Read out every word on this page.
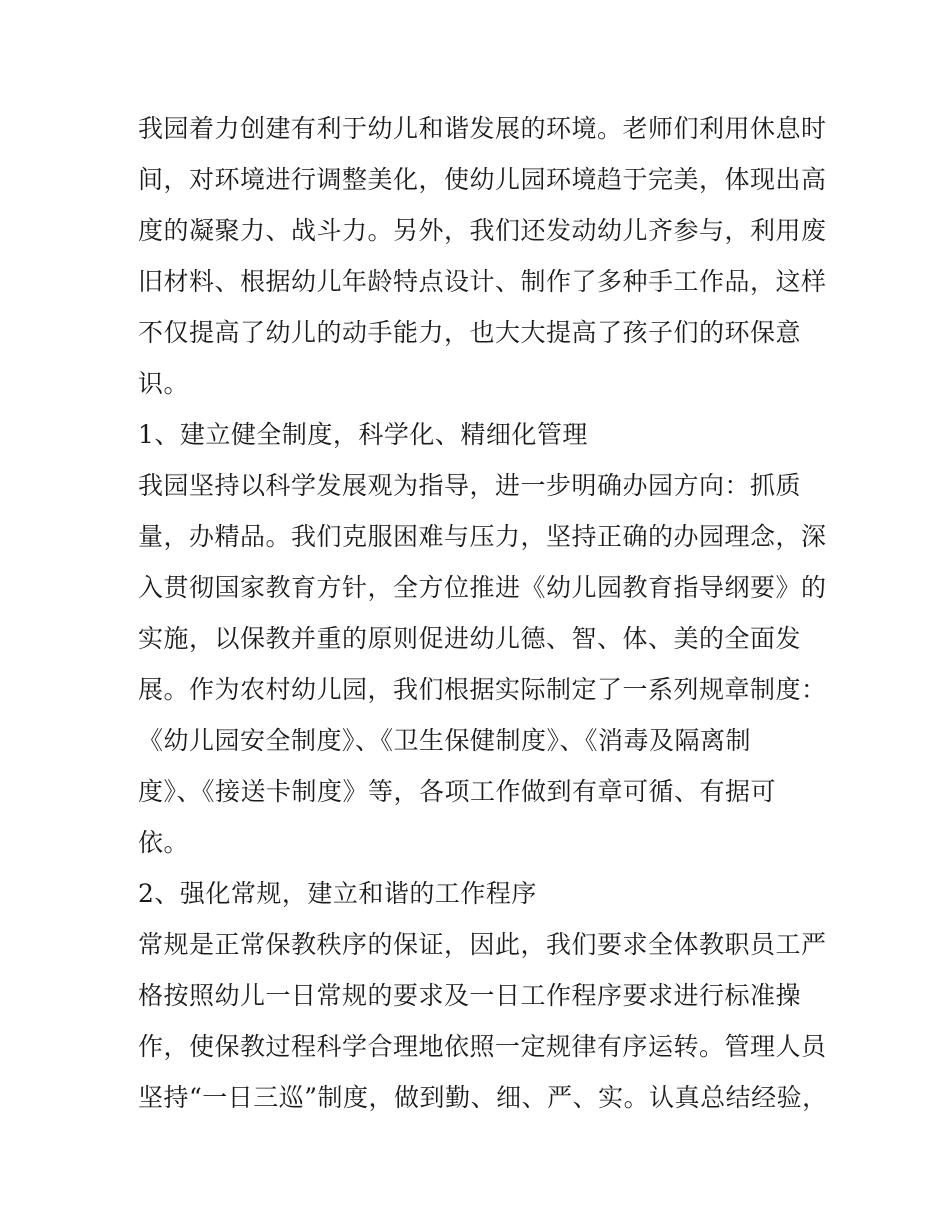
我园着力创建有利于幼儿和谐发展的环境。老师们利用休息时
间，对环境进行调整美化，使幼儿园环境趋于完美，体现出高
度的凝聚力、战斗力。另外，我们还发动幼儿齐参与，利用废
旧材料、根据幼儿年龄特点设计、制作了多种手工作品，这样
不仅提高了幼儿的动手能力，也大大提高了孩子们的环保意
识。
1、建立健全制度，科学化、精细化管理
我园坚持以科学发展观为指导，进一步明确办园方向：抓质
量，办精品。我们克服困难与压力，坚持正确的办园理念，深
入贯彻国家教育方针，全方位推进《幼儿园教育指导纲要》的
实施，以保教并重的原则促进幼儿德、智、体、美的全面发
展。作为农村幼儿园，我们根据实际制定了一系列规章制度：
《幼儿园安全制度》、《卫生保健制度》、《消毒及隔离制
度》、《接送卡制度》等，各项工作做到有章可循、有据可
依。
2、强化常规，建立和谐的工作程序
常规是正常保教秩序的保证，因此，我们要求全体教职员工严
格按照幼儿一日常规的要求及一日工作程序要求进行标准操
作，使保教过程科学合理地依照一定规律有序运转。管理人员
坚持“一日三巡”制度，做到勤、细、严、实。认真总结经验，
